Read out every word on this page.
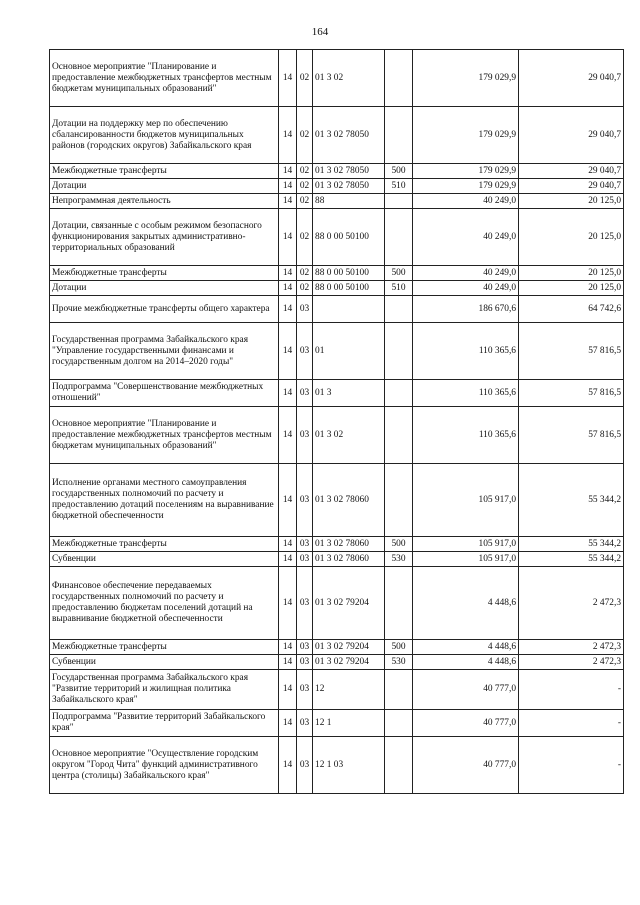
164
Основное мероприятие "Планирование и предоставление межбюджетных трансфертов местным бюджетам муниципальных образований"	14	02	01 3 02		179 029,9	29 040,7
Дотации на поддержку мер по обеспечению сбалансированности бюджетов муниципальных районов (городских округов) Забайкальского края	14	02	01 3 02 78050		179 029,9	29 040,7
Межбюджетные трансферты	14	02	01 3 02 78050	500	179 029,9	29 040,7
Дотации	14	02	01 3 02 78050	510	179 029,9	29 040,7
Непрограммная деятельность	14	02	88		40 249,0	20 125,0
Дотации, связанные с особым режимом безопасного функционирования закрытых административно-территориальных образований	14	02	88 0 00 50100		40 249,0	20 125,0
Межбюджетные трансферты	14	02	88 0 00 50100	500	40 249,0	20 125,0
Дотации	14	02	88 0 00 50100	510	40 249,0	20 125,0
Прочие межбюджетные трансферты общего характера	14	03			186 670,6	64 742,6
Государственная программа Забайкальского края "Управление государственными финансами и государственным долгом на 2014–2020 годы"	14	03	01		110 365,6	57 816,5
Подпрограмма "Совершенствование межбюджетных отношений"	14	03	01 3		110 365,6	57 816,5
Основное мероприятие "Планирование и предоставление межбюджетных трансфертов местным бюджетам муниципальных образований"	14	03	01 3 02		110 365,6	57 816,5
Исполнение органами местного самоуправления государственных полномочий по расчету и предоставлению дотаций поселениям на выравнивание бюджетной обеспеченности	14	03	01 3 02 78060		105 917,0	55 344,2
Межбюджетные трансферты	14	03	01 3 02 78060	500	105 917,0	55 344,2
Субвенции	14	03	01 3 02 78060	530	105 917,0	55 344,2
Финансовое обеспечение передаваемых государственных полномочий по расчету и предоставлению бюджетам поселений дотаций на выравнивание бюджетной обеспеченности	14	03	01 3 02 79204		4 448,6	2 472,3
Межбюджетные трансферты	14	03	01 3 02 79204	500	4 448,6	2 472,3
Субвенции	14	03	01 3 02 79204	530	4 448,6	2 472,3
Государственная программа Забайкальского края "Развитие территорий и жилищная политика Забайкальского края"	14	03	12		40 777,0	-
Подпрограмма "Развитие территорий Забайкальского края"	14	03	12 1		40 777,0	-
Основное мероприятие "Осуществление городским округом "Город Чита" функций административного центра (столицы) Забайкальского края"	14	03	12 1 03		40 777,0	-
